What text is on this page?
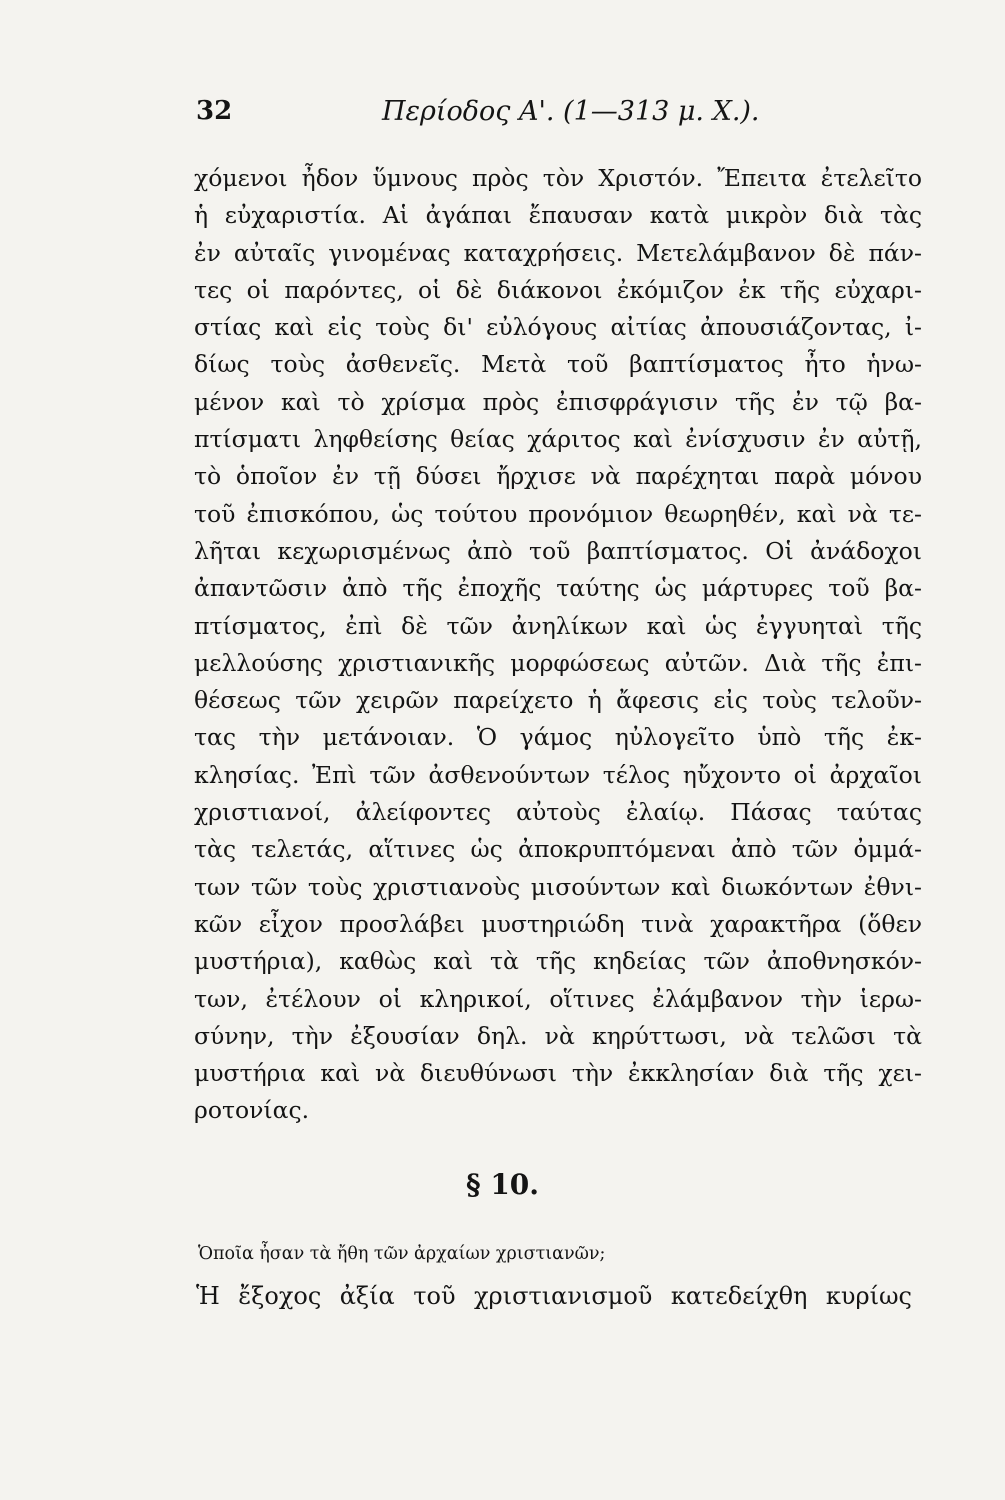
32	Περίοδος Α'. (1—313 μ. Χ.).
χόμενοι ἦδον ὕμνους πρὸς τὸν Χριστόν. Ἔπειτα ἐτελεῖτο
ἡ εὐχαριστία. Αἱ ἀγάπαι ἔπαυσαν κατὰ μικρὸν διὰ τὰς
ἐν αὐταῖς γινομένας καταχρήσεις. Μετελάμβανον δὲ πάν-
τες οἱ παρόντες, οἱ δὲ διάκονοι ἐκόμιζον ἐκ τῆς εὐχαρι-
στίας καὶ εἰς τοὺς δι' εὐλόγους αἰτίας ἀπουσιάζοντας, ἰ-
δίως τοὺς ἀσθενεῖς. Μετὰ τοῦ βαπτίσματος ἦτο ἡνω-
μένον καὶ τὸ χρίσμα πρὸς ἐπισφράγισιν τῆς ἐν τῷ βα-
πτίσματι ληφθείσης θείας χάριτος καὶ ἐνίσχυσιν ἐν αὐτῇ,
τὸ ὁποῖον ἐν τῇ δύσει ἤρχισε νὰ παρέχηται παρὰ μόνου
τοῦ ἐπισκόπου, ὡς τούτου προνόμιον θεωρηθέν, καὶ νὰ τε-
λῆται κεχωρισμένως ἀπὸ τοῦ βαπτίσματος. Οἱ ἀνάδοχοι
ἀπαντῶσιν ἀπὸ τῆς ἐποχῆς ταύτης ὡς μάρτυρες τοῦ βα-
πτίσματος, ἐπὶ δὲ τῶν ἀνηλίκων καὶ ὡς ἐγγυηταὶ τῆς
μελλούσης χριστιανικῆς μορφώσεως αὐτῶν. Διὰ τῆς ἐπι-
θέσεως τῶν χειρῶν παρείχετο ἡ ἄφεσις εἰς τοὺς τελοῦν-
τας τὴν μετάνοιαν. Ὁ γάμος ηὐλογεῖτο ὑπὸ τῆς ἐκ-
κλησίας. Ἐπὶ τῶν ἀσθενούντων τέλος ηὔχοντο οἱ ἀρχαῖοι
χριστιανοί, ἀλείφοντες αὐτοὺς ἐλαίῳ. Πάσας ταύτας
τὰς τελετάς, αἵτινες ὡς ἀποκρυπτόμεναι ἀπὸ τῶν ὀμμά-
των τῶν τοὺς χριστιανοὺς μισούντων καὶ διωκόντων ἐθνι-
κῶν εἶχον προσλάβει μυστηριώδη τινὰ χαρακτῆρα (ὅθεν
μυστήρια), καθὼς καὶ τὰ τῆς κηδείας τῶν ἀποθνησκόν-
των, ἐτέλουν οἱ κληρικοί, οἵτινες ἐλάμβανον τὴν ἱερω-
σύνην, τὴν ἐξουσίαν δηλ. νὰ κηρύττωσι, νὰ τελῶσι τὰ
μυστήρια καὶ νὰ διευθύνωσι τὴν ἐκκλησίαν διὰ τῆς χει-
ροτονίας.
§ 10.
Ὁποῖα ἦσαν τὰ ἤθη τῶν ἀρχαίων χριστιανῶν;
Ἡ ἔξοχος ἀξία τοῦ χριστιανισμοῦ κατεδείχθη κυρίως
